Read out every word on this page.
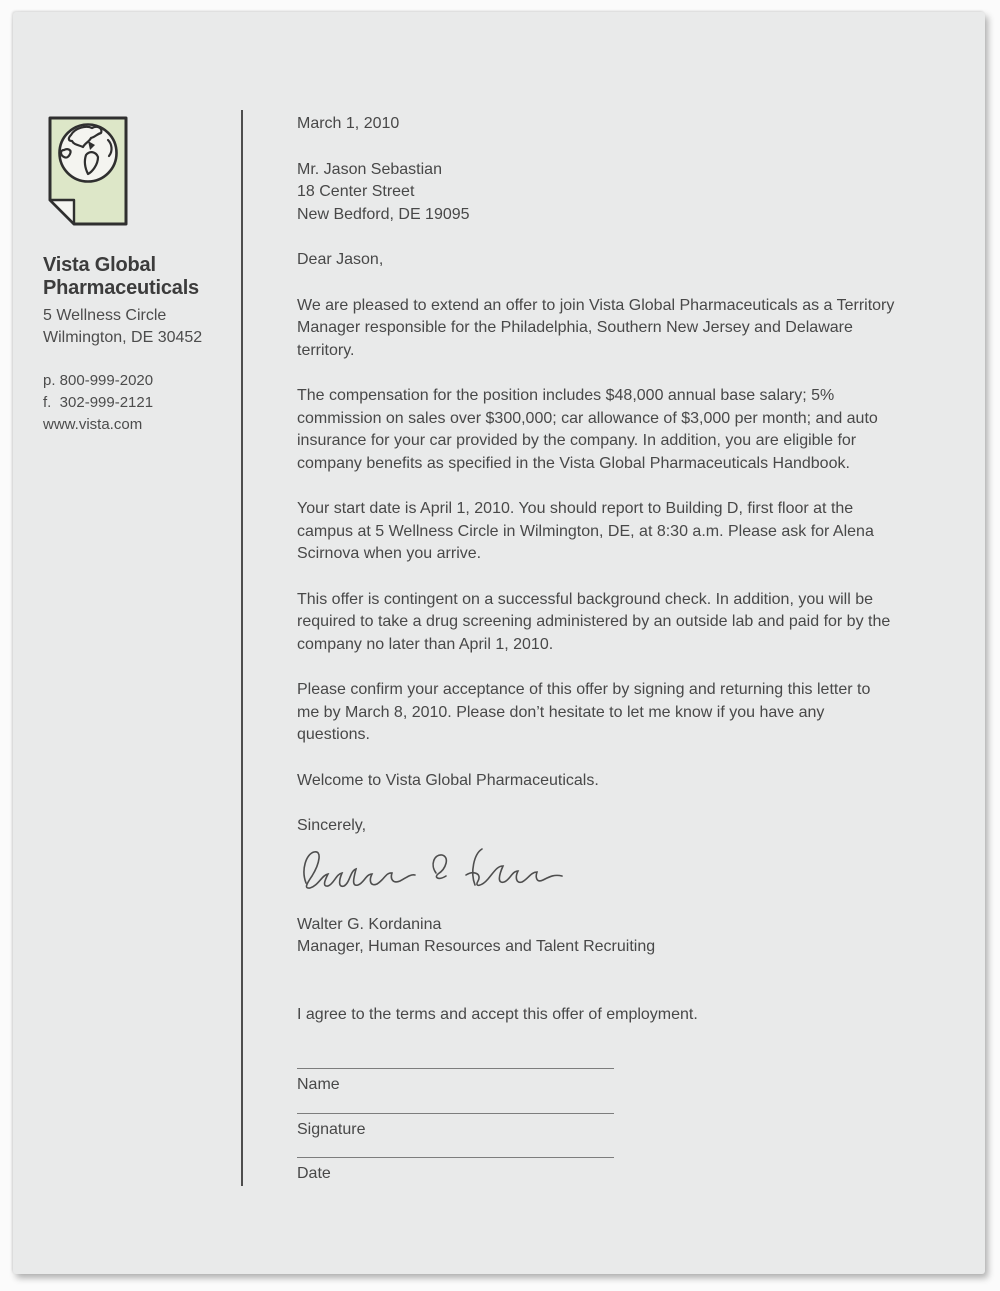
Vista Global
Pharmaceuticals
5 Wellness Circle
Wilmington, DE 30452
p. 800-999-2020
f.  302-999-2121
www.vista.com
March 1, 2010
Mr. Jason Sebastian
18 Center Street
New Bedford, DE 19095
Dear Jason,

We are pleased to extend an offer to join Vista Global Pharmaceuticals as a Territory Manager responsible for the Philadelphia, Southern New Jersey and Delaware territory.

The compensation for the position includes $48,000 annual base salary; 5% commission on sales over $300,000; car allowance of $3,000 per month; and auto insurance for your car provided by the company. In addition, you are eligible for company benefits as specified in the Vista Global Pharmaceuticals Handbook.

Your start date is April 1, 2010. You should report to Building D, first floor at the campus at 5 Wellness Circle in Wilmington, DE, at 8:30 a.m. Please ask for Alena Scirnova when you arrive.

This offer is contingent on a successful background check. In addition, you will be required to take a drug screening administered by an outside lab and paid for by the company no later than April 1, 2010.

Please confirm your acceptance of this offer by signing and returning this letter to me by March 8, 2010. Please don’t hesitate to let me know if you have any questions.

Welcome to Vista Global Pharmaceuticals.

Sincerely,
Walter G. Kordanina
Manager, Human Resources and Talent Recruiting
I agree to the terms and accept this offer of employment.
Name
Signature
Date
